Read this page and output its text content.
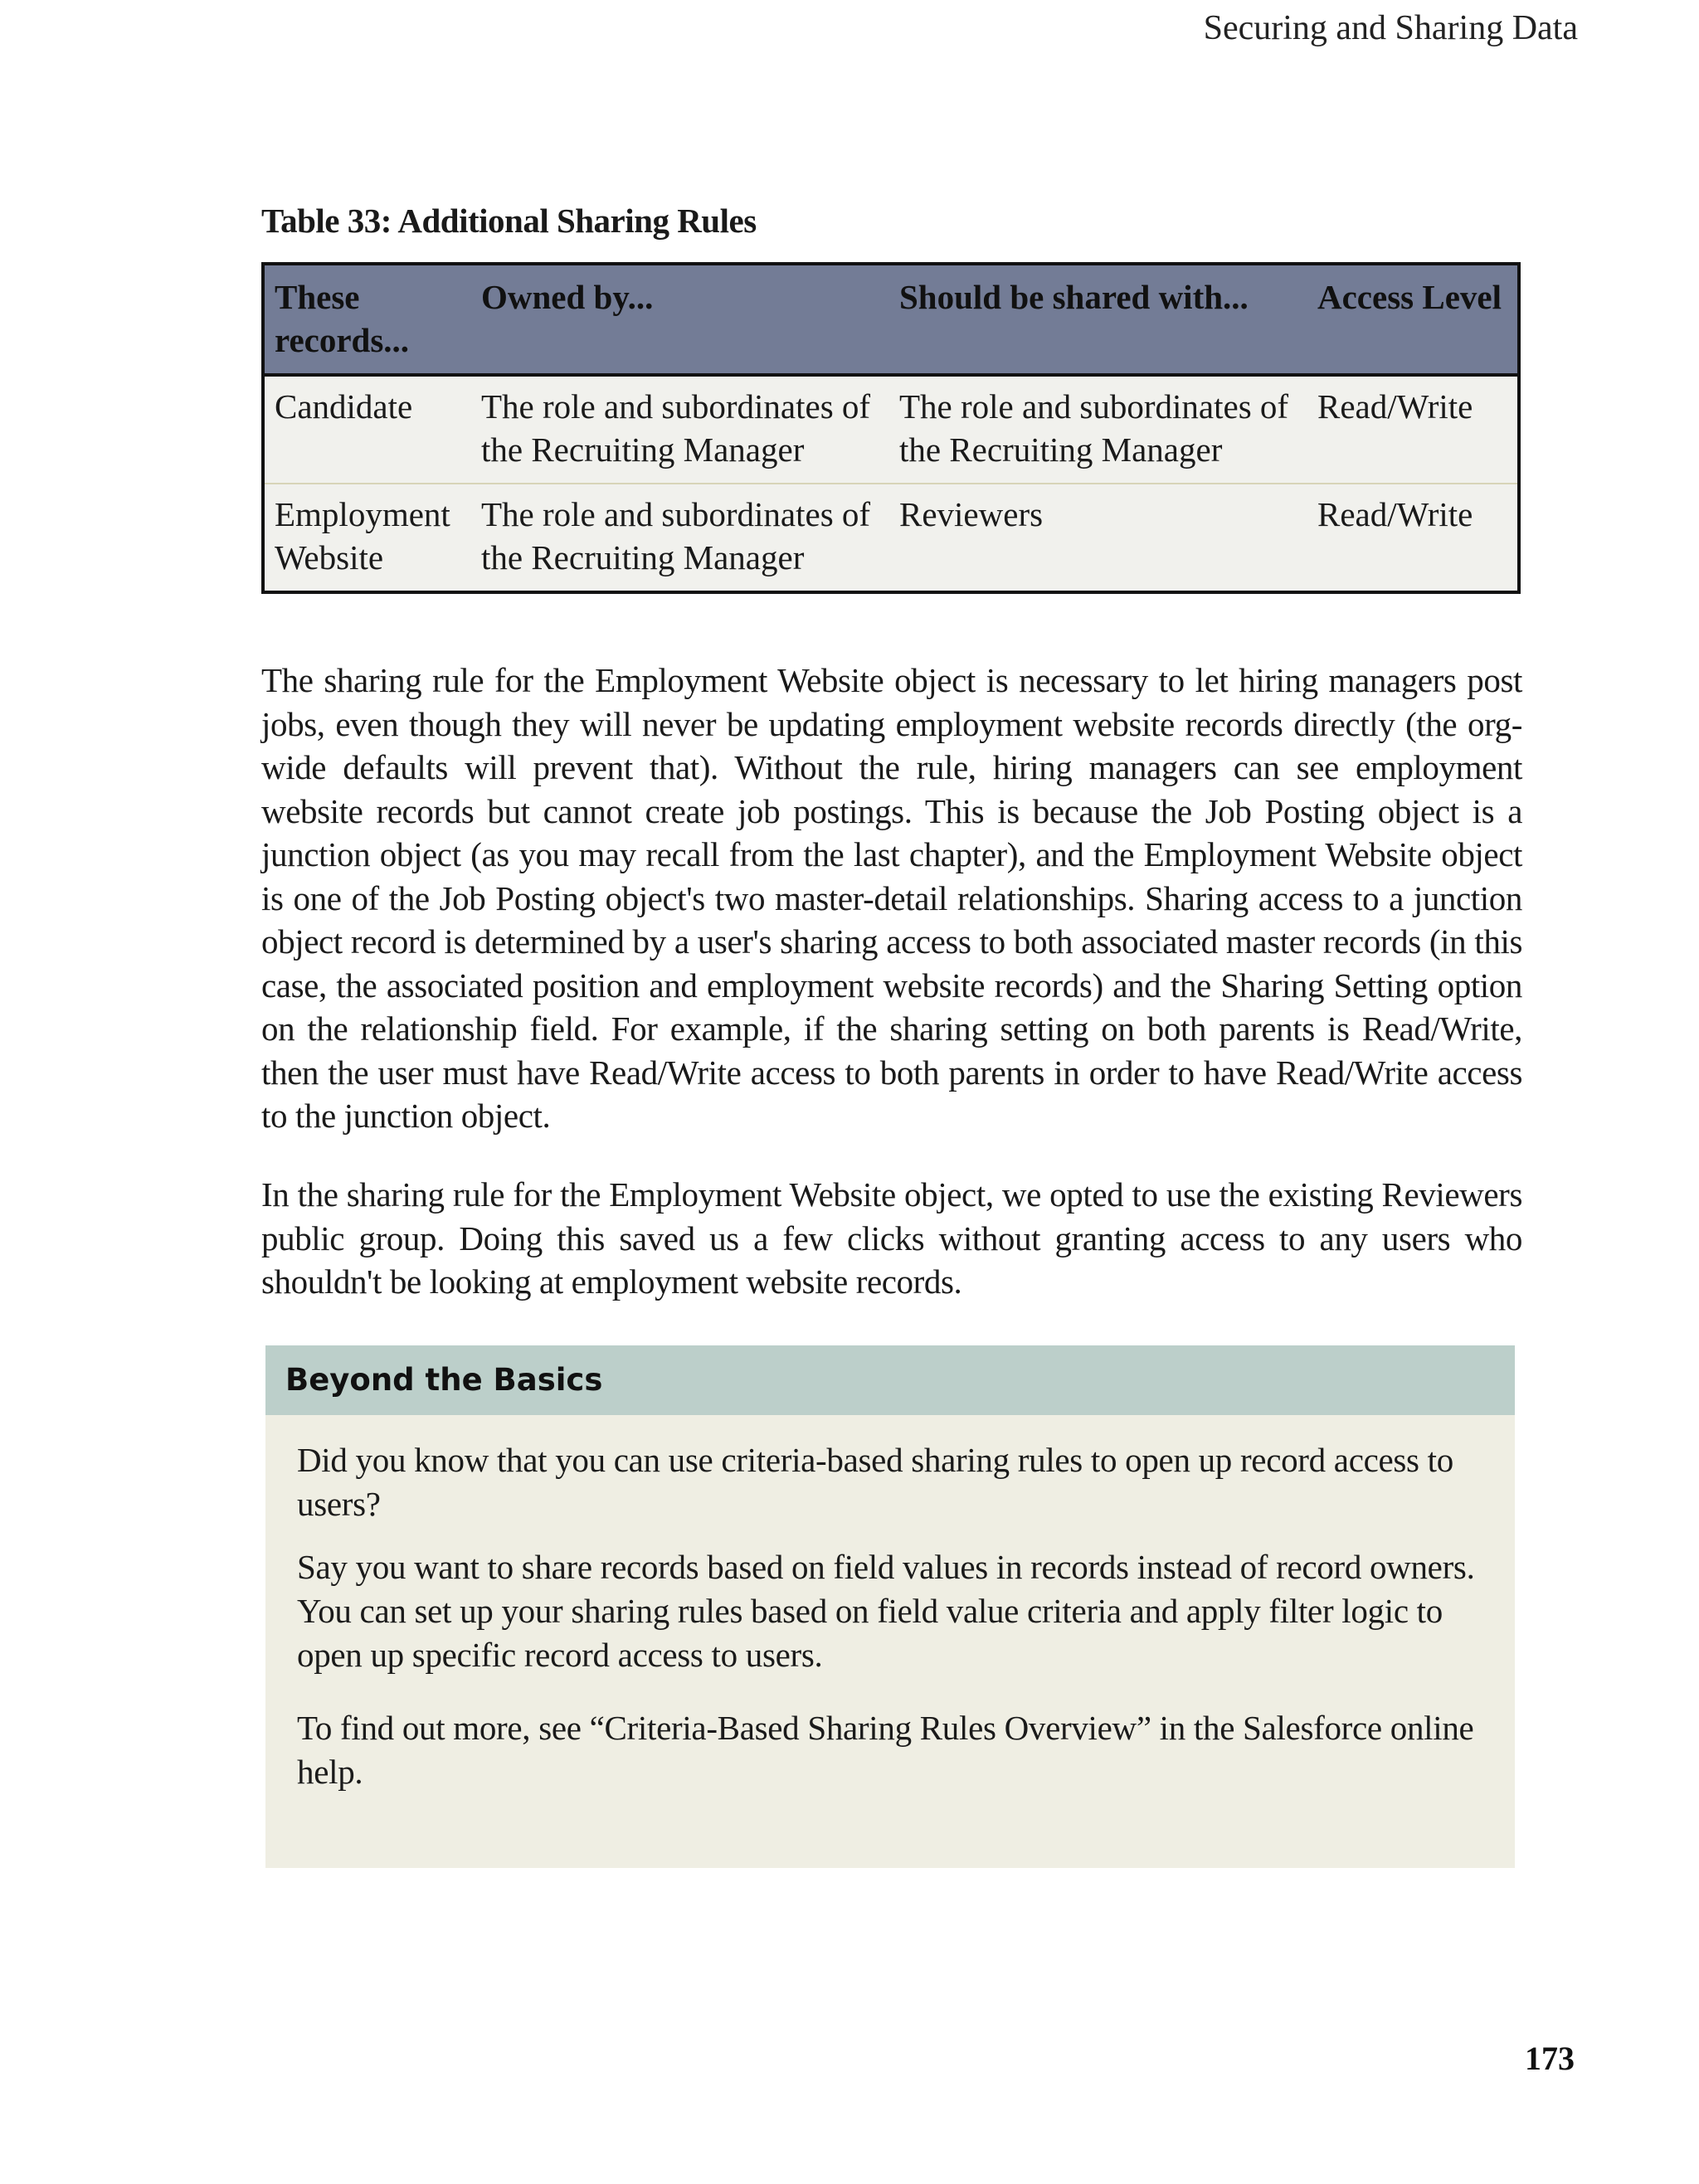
Securing and Sharing Data
Table 33: Additional Sharing Rules
These records...	Owned by...	Should be shared with...	Access Level
Candidate	The role and subordinates of the Recruiting Manager	The role and subordinates of the Recruiting Manager	Read/Write
Employment Website	The role and subordinates of the Recruiting Manager	Reviewers	Read/Write

The sharing rule for the Employment Website object is necessary to let hiring managers post jobs, even though they will never be updating employment website records directly (the org-wide defaults will prevent that). Without the rule, hiring managers can see employment website records but cannot create job postings. This is because the Job Posting object is a junction object (as you may recall from the last chapter), and the Employment Website object is one of the Job Posting object's two master-detail relationships. Sharing access to a junction object record is determined by a user's sharing access to both associated master records (in this case, the associated position and employment website records) and the Sharing Setting option on the relationship field. For example, if the sharing setting on both parents is Read/Write, then the user must have Read/Write access to both parents in order to have Read/Write access to the junction object.

In the sharing rule for the Employment Website object, we opted to use the existing Reviewers public group. Doing this saved us a few clicks without granting access to any users who shouldn't be looking at employment website records.

Beyond the Basics

Did you know that you can use criteria-based sharing rules to open up record access to users?

Say you want to share records based on field values in records instead of record owners. You can set up your sharing rules based on field value criteria and apply filter logic to open up specific record access to users.

To find out more, see “Criteria-Based Sharing Rules Overview” in the Salesforce online help.

173
